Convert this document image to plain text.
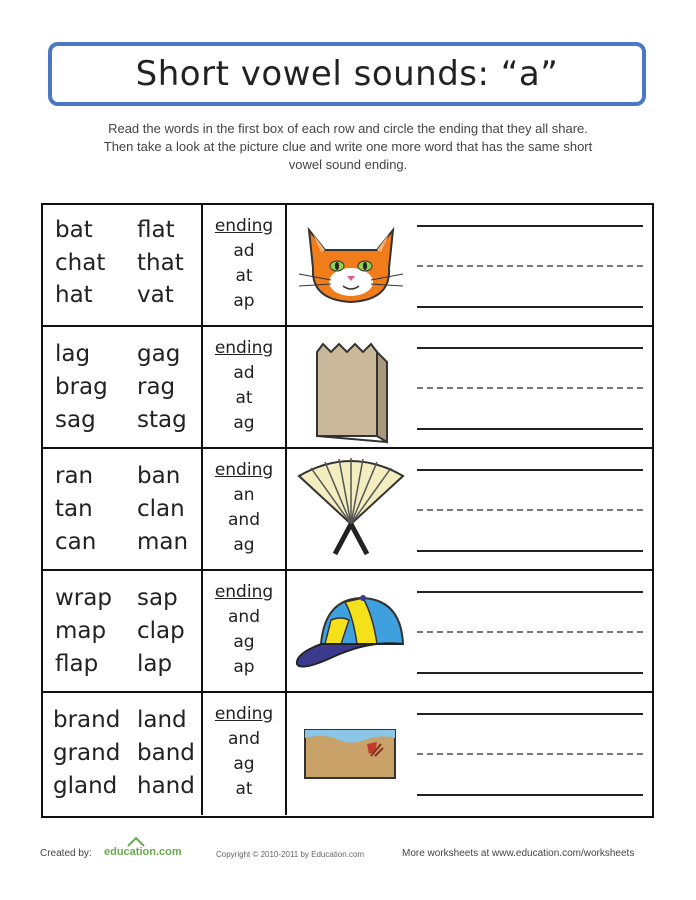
Short vowel sounds: “a”
Read the words in the first box of each row and circle the ending that they all share.
Then take a look at the picture clue and write one more word that has the same short
vowel sound ending.
bat flat
chat that
hat vat
ending
ad
at
ap
lag gag
brag rag
sag stag
ending
ad
at
ag
ran ban
tan clan
can man
ending
an
and
ag
wrap sap
map clap
flap lap
ending
and
ag
ap
brand land
grand band
gland hand
ending
and
ag
at
Created by: education.com	Copyright © 2010-2011 by Education.com	More worksheets at www.education.com/worksheets
